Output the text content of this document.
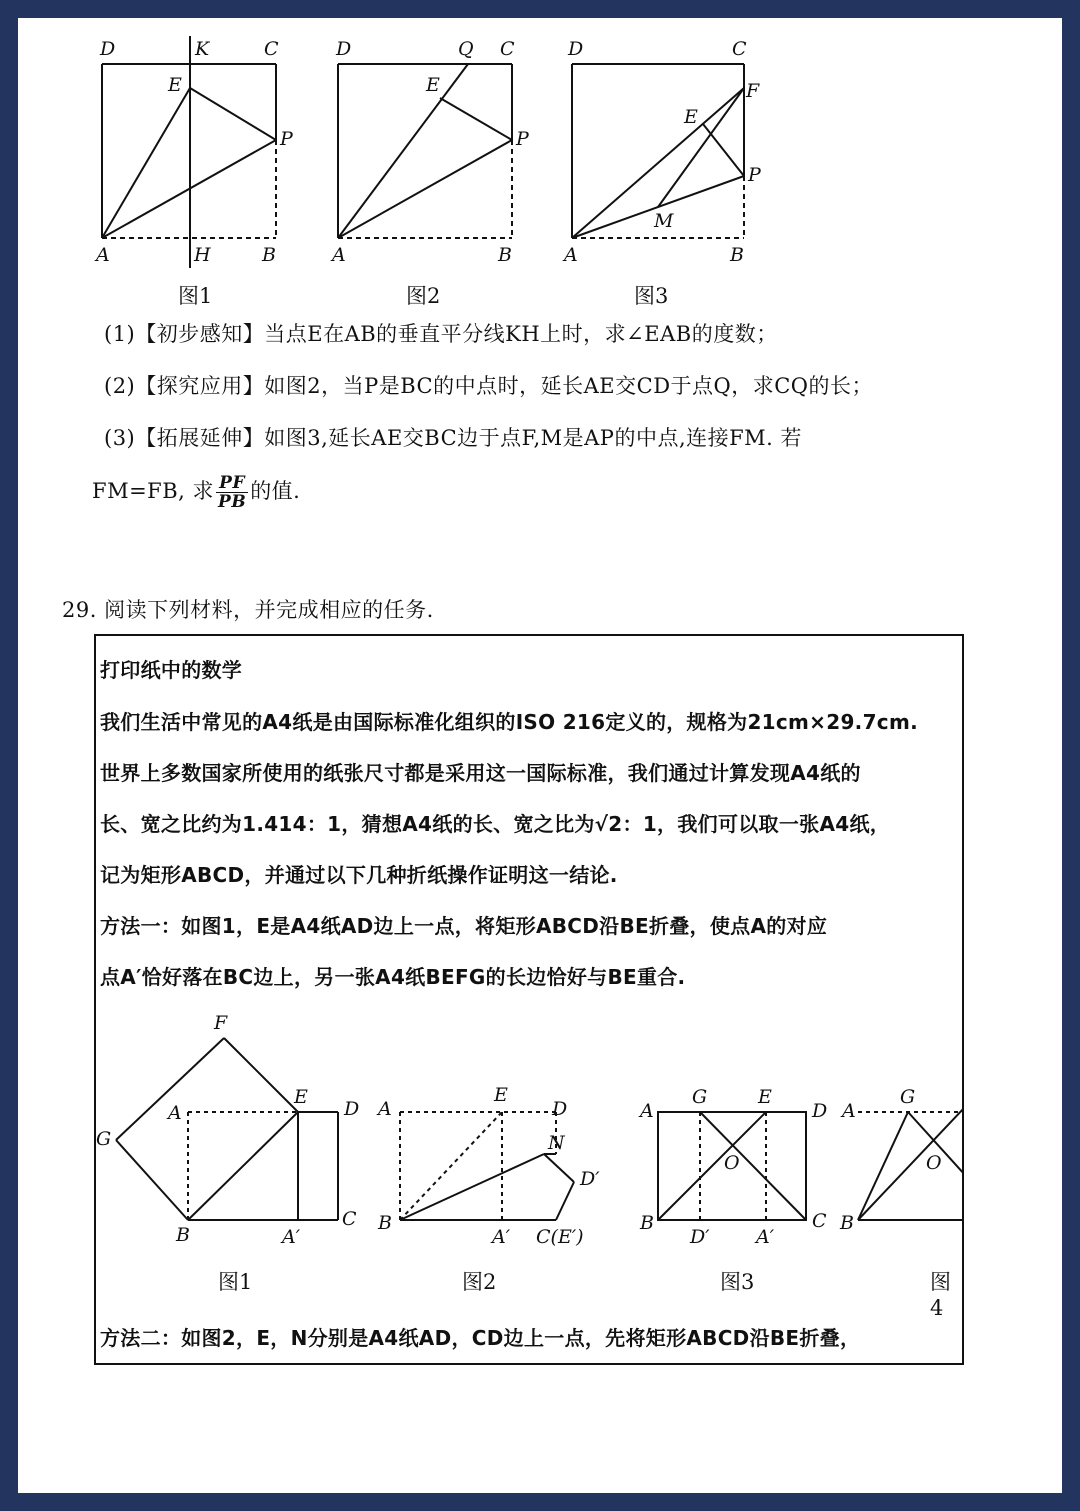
D	K	C
E
P
A	H	B
图1
D	Q C
E
P
A	B
图2
D	C
F
E
P
M
A	B
图3
(1)【初步感知】当点E在AB的垂直平分线KH上时，求∠EAB的度数；
(2)【探究应用】如图2，当P是BC的中点时，延长AE交CD于点Q，求CQ的长；
(3)【拓展延伸】如图3,延长AE交BC边于点F,M是AP的中点,连接FM. 若
FM=FB, 求 $\frac{PF}{PB}$ 的值.
29. 阅读下列材料，并完成相应的任务.
打印纸中的数学
我们生活中常见的A4纸是由国际标准化组织的ISO 216定义的，规格为21cm×29.7cm.
世界上多数国家所使用的纸张尺寸都是采用这一国际标准，我们通过计算发现A4纸的
长、宽之比约为1.414：1，猜想A4纸的长、宽之比为√2：1，我们可以取一张A4纸，
记为矩形ABCD，并通过以下几种折纸操作证明这一结论.
方法一：如图1，E是A4纸AD边上一点，将矩形ABCD沿BE折叠，使点A的对应
点A′恰好落在BC边上，另一张A4纸BEFG的长边恰好与BE重合.
F
A
E
D
G
B	A′
C
图1
A
E
D
N
D′
B
A′ C(E′)
图2
A
G	E
D
O
B
D′ A′
C
图3
A
G
O
B
图4
方法二：如图2，E，N分别是A4纸AD，CD边上一点，先将矩形ABCD沿BE折叠，
